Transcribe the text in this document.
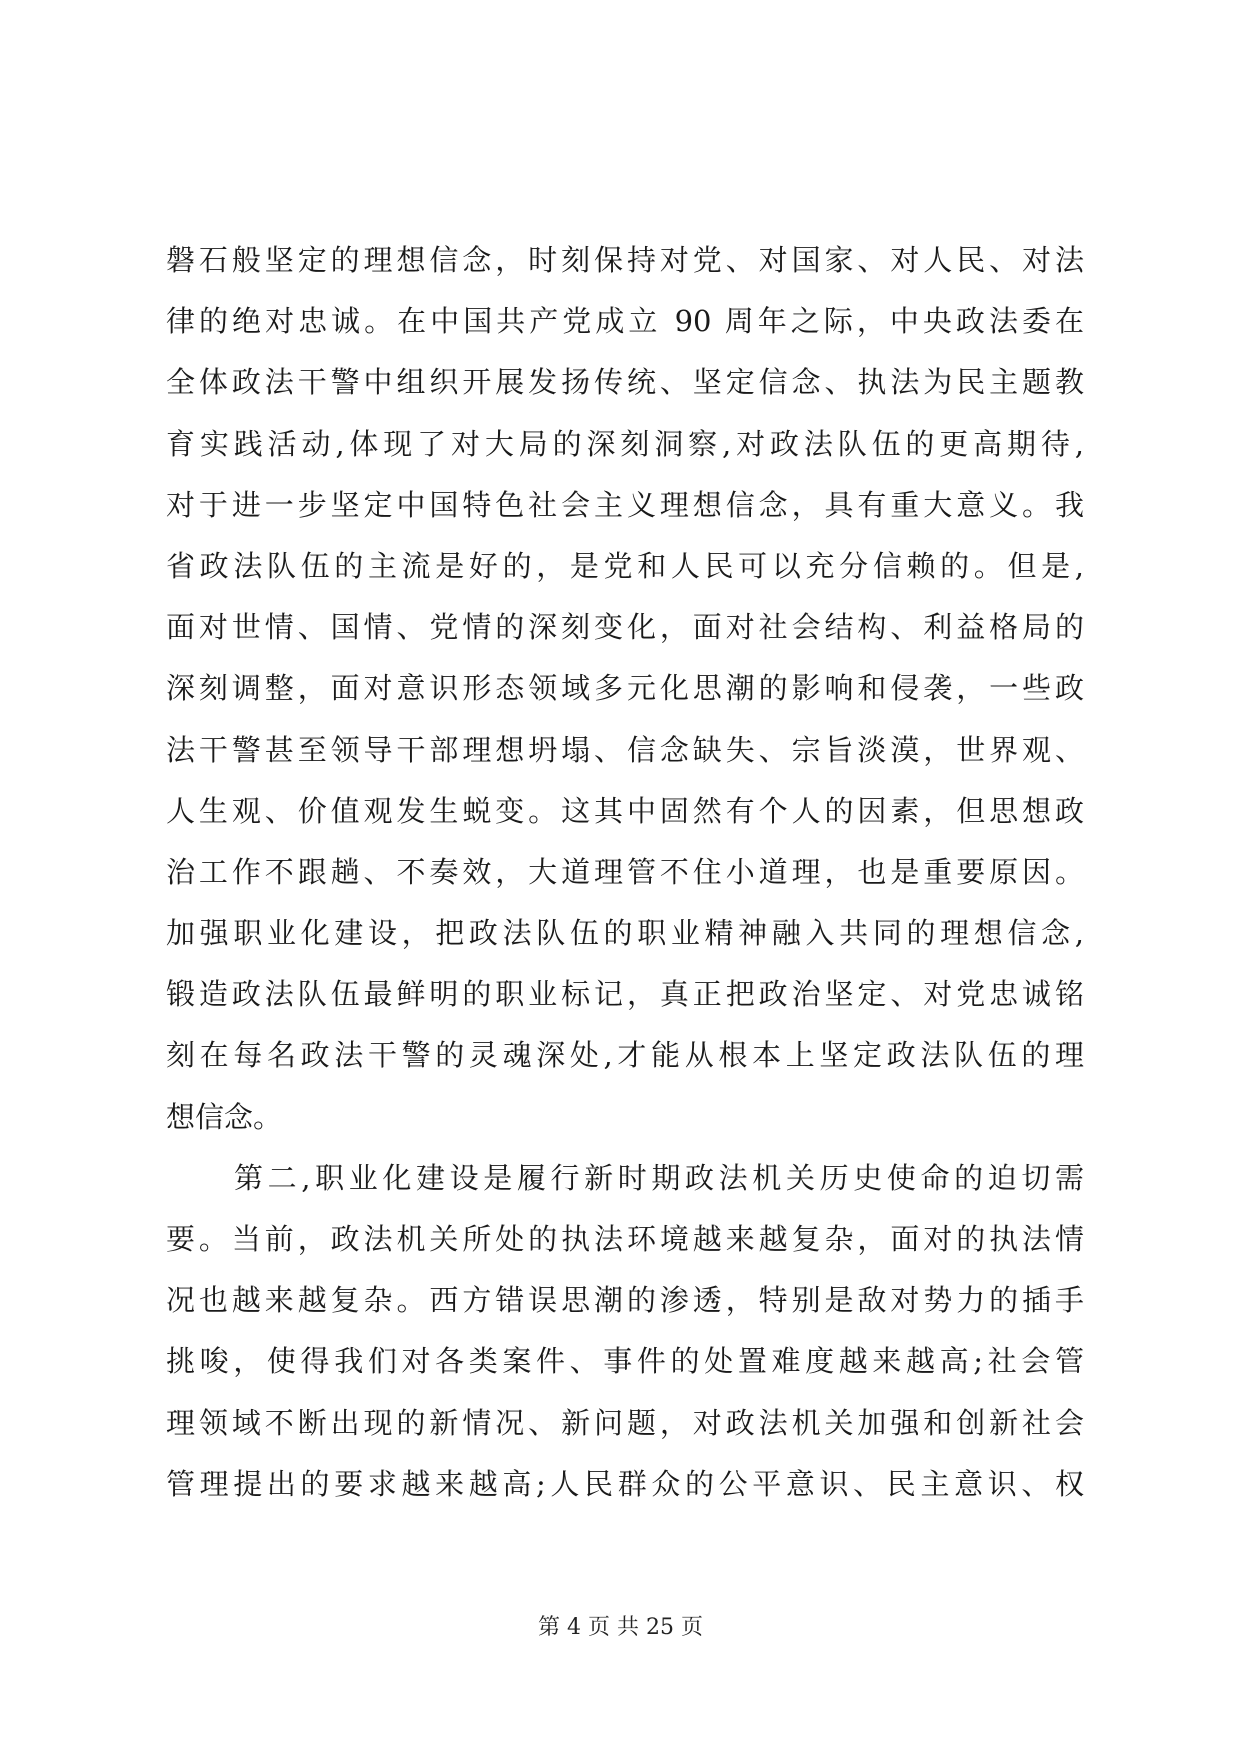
磐石般坚定的理想信念，时刻保持对党、对国家、对人民、对法
律的绝对忠诚。在中国共产党成立 90 周年之际，中央政法委在
全体政法干警中组织开展发扬传统、坚定信念、执法为民主题教
育实践活动,体现了对大局的深刻洞察,对政法队伍的更高期待,
对于进一步坚定中国特色社会主义理想信念，具有重大意义。我
省政法队伍的主流是好的，是党和人民可以充分信赖的。但是,
面对世情、国情、党情的深刻变化，面对社会结构、利益格局的
深刻调整，面对意识形态领域多元化思潮的影响和侵袭，一些政
法干警甚至领导干部理想坍塌、信念缺失、宗旨淡漠，世界观、
人生观、价值观发生蜕变。这其中固然有个人的因素，但思想政
治工作不跟趟、不奏效，大道理管不住小道理，也是重要原因。
加强职业化建设，把政法队伍的职业精神融入共同的理想信念,
锻造政法队伍最鲜明的职业标记，真正把政治坚定、对党忠诚铭
刻在每名政法干警的灵魂深处,才能从根本上坚定政法队伍的理
想信念。
第二,职业化建设是履行新时期政法机关历史使命的迫切需
要。当前，政法机关所处的执法环境越来越复杂，面对的执法情
况也越来越复杂。西方错误思潮的渗透，特别是敌对势力的插手
挑唆，使得我们对各类案件、事件的处置难度越来越高;社会管
理领域不断出现的新情况、新问题，对政法机关加强和创新社会
管理提出的要求越来越高;人民群众的公平意识、民主意识、权
第 4 页 共 25 页
